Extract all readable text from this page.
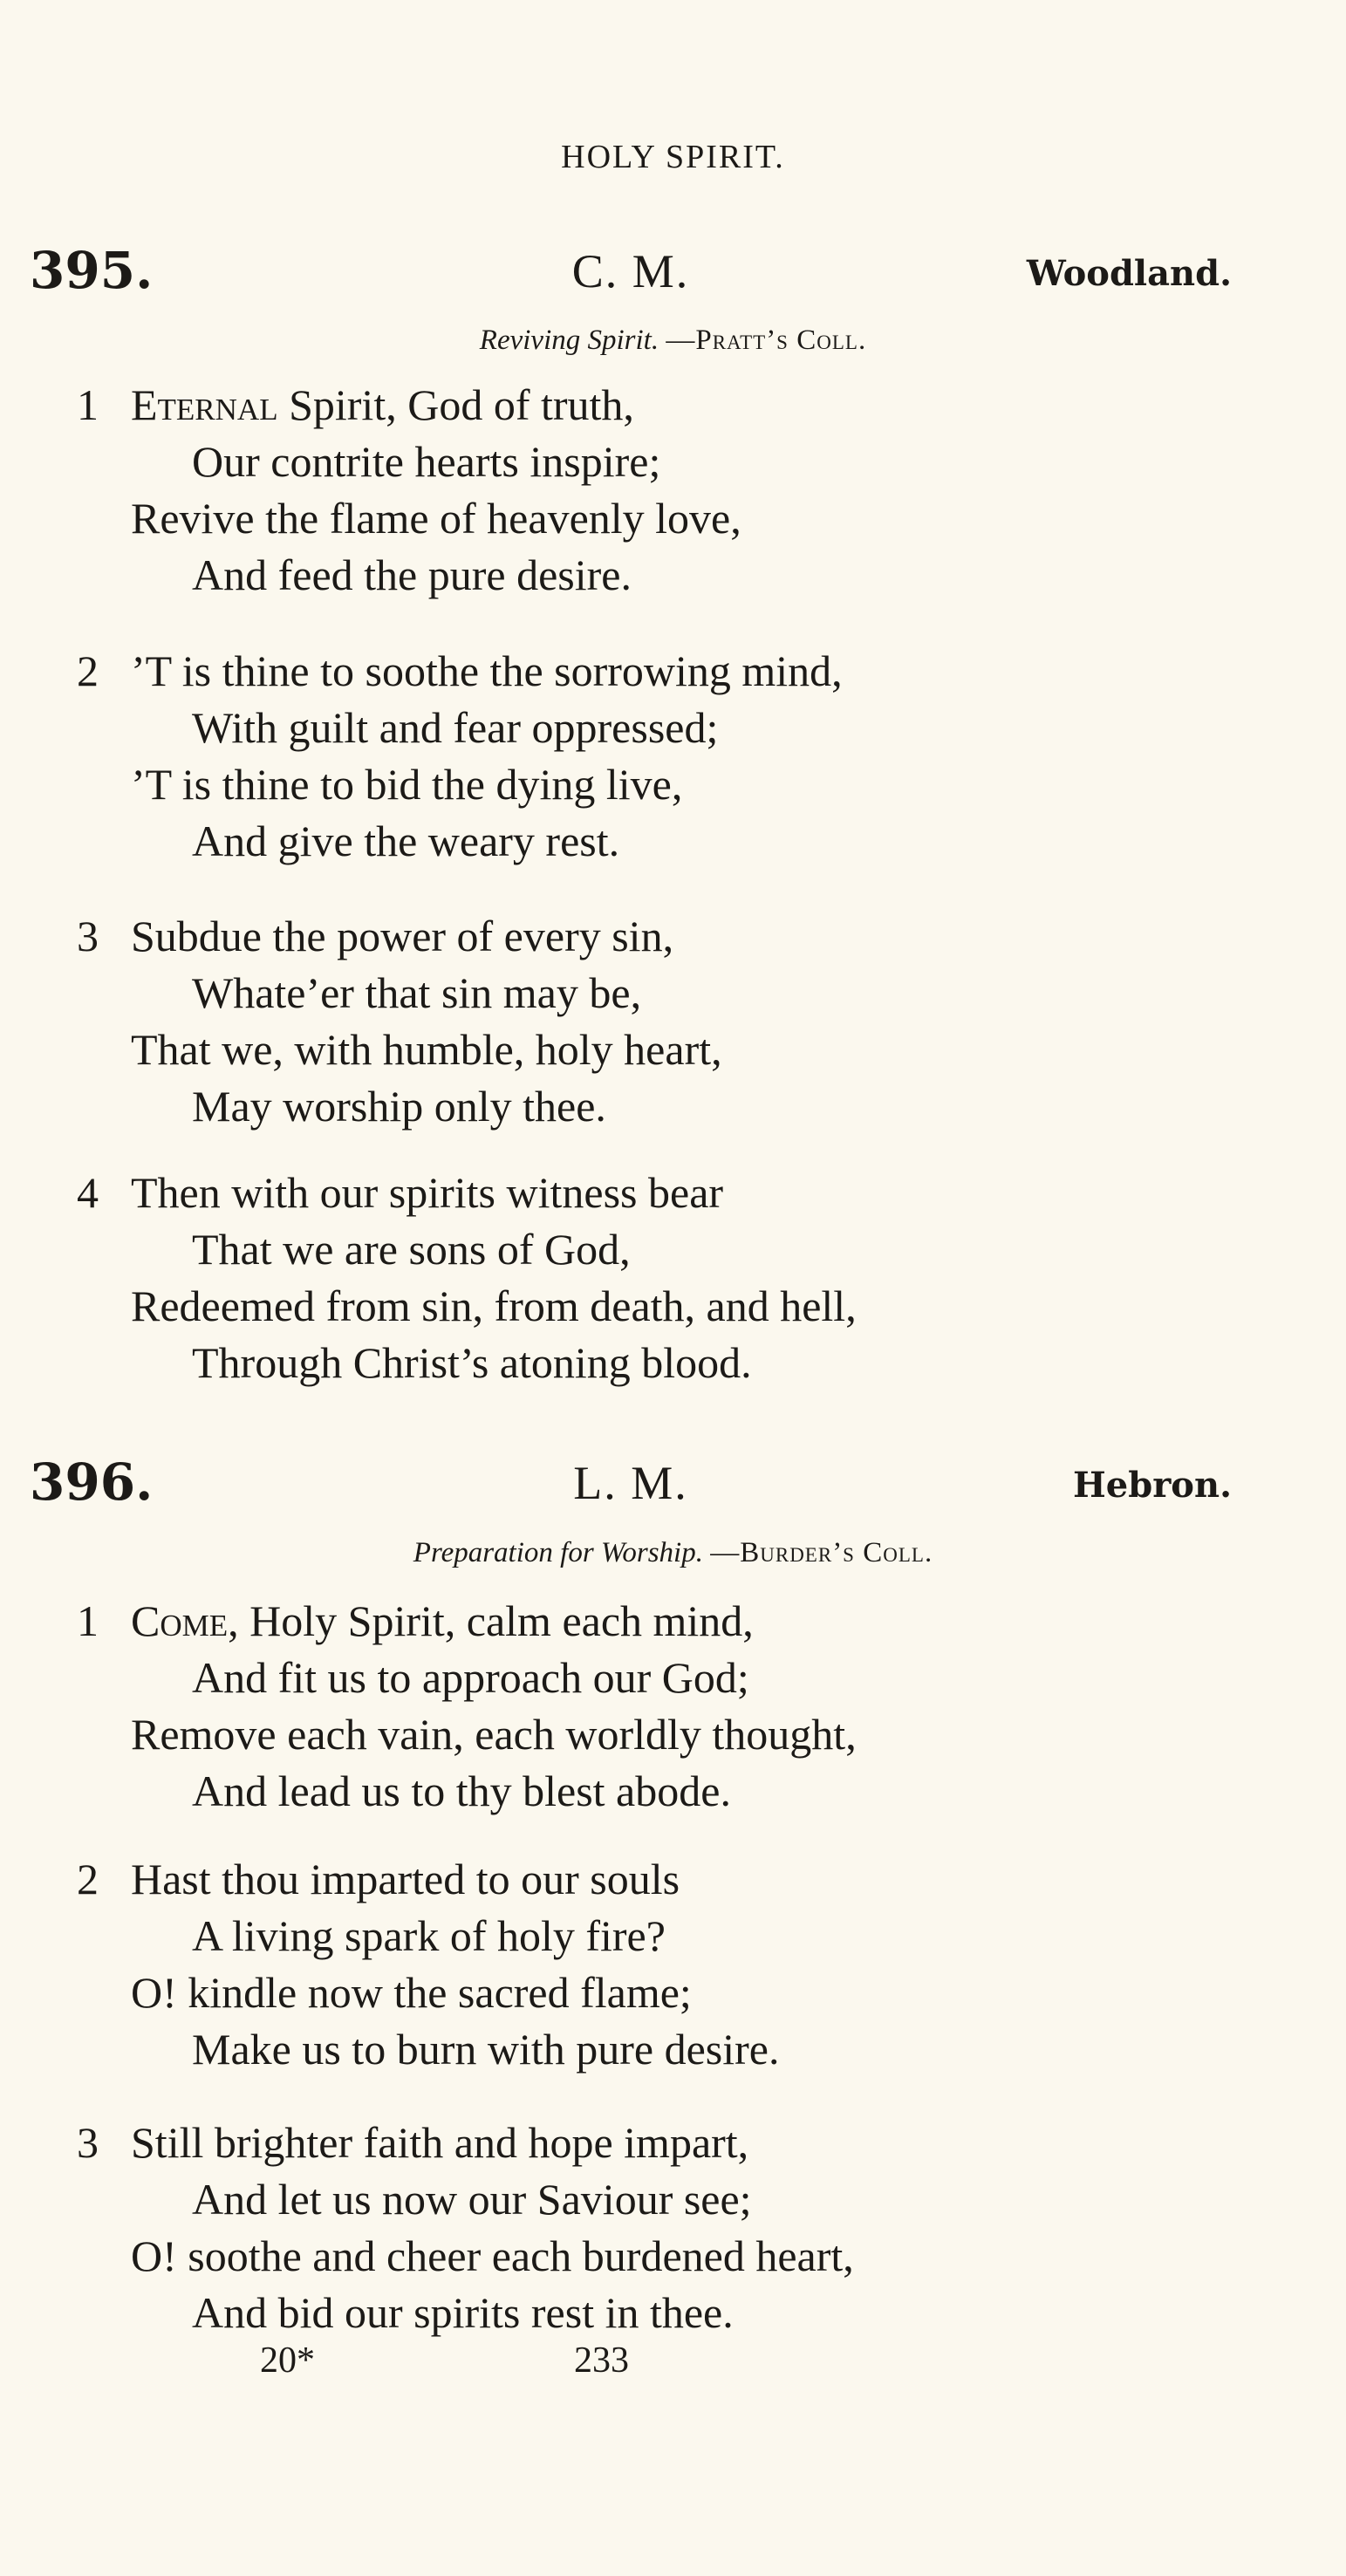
HOLY SPIRIT.
395.	C. M.	Woodland.
Reviving Spirit. —Pratt’s Coll.
1 Eternal Spirit, God of truth,
Our contrite hearts inspire;
Revive the flame of heavenly love,
And feed the pure desire.
2 ’T is thine to soothe the sorrowing mind,
With guilt and fear oppressed;
’T is thine to bid the dying live,
And give the weary rest.
3 Subdue the power of every sin,
Whate’er that sin may be,
That we, with humble, holy heart,
May worship only thee.
4 Then with our spirits witness bear
That we are sons of God,
Redeemed from sin, from death, and hell,
Through Christ’s atoning blood.
396.	L. M.	Hebron.
Preparation for Worship. —Burder’s Coll.
1 Come, Holy Spirit, calm each mind,
And fit us to approach our God;
Remove each vain, each worldly thought,
And lead us to thy blest abode.
2 Hast thou imparted to our souls
A living spark of holy fire?
O! kindle now the sacred flame;
Make us to burn with pure desire.
3 Still brighter faith and hope impart,
And let us now our Saviour see;
O! soothe and cheer each burdened heart,
And bid our spirits rest in thee.
20*	233
